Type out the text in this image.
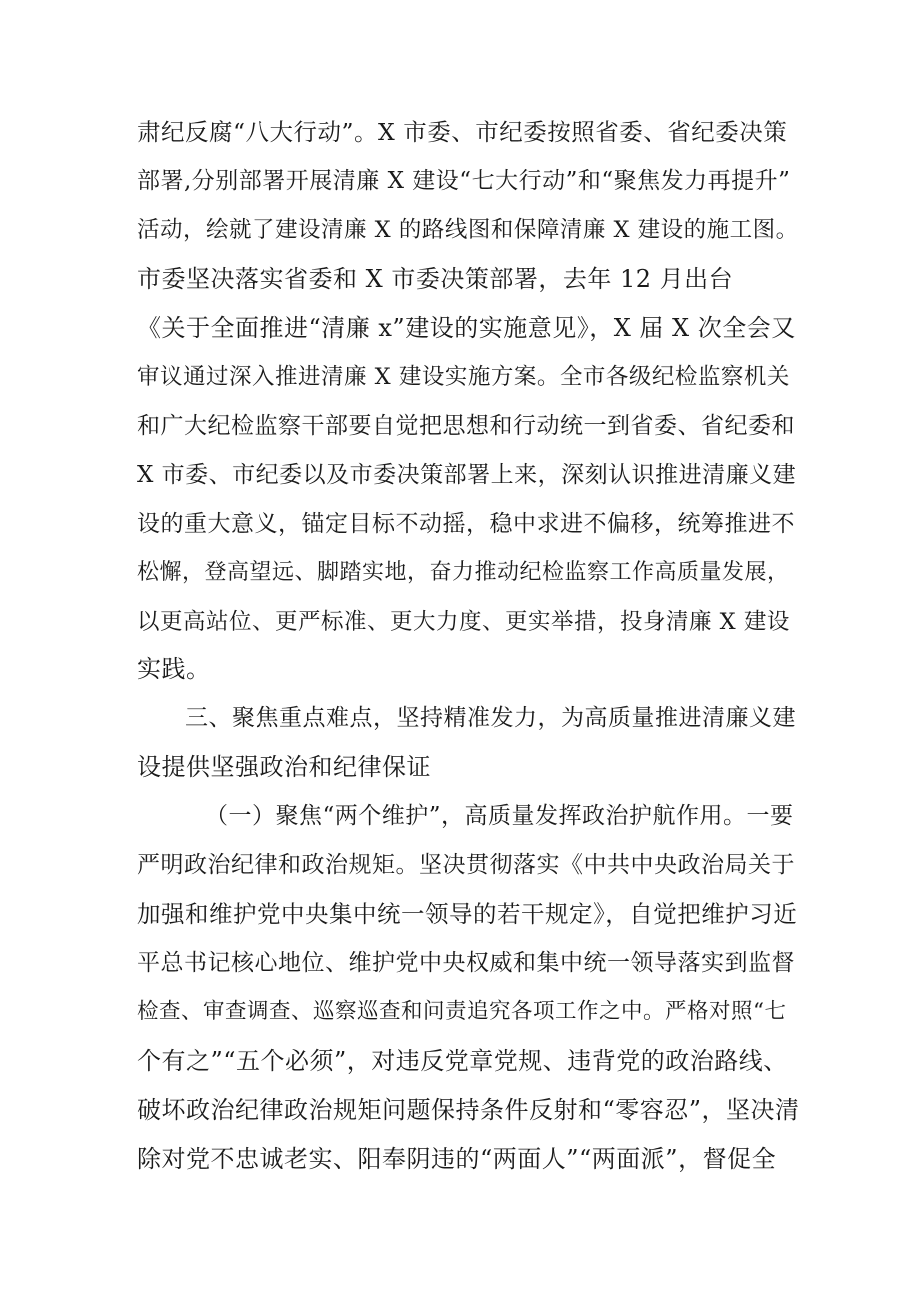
肃纪反腐“八大行动”。X 市委、市纪委按照省委、省纪委决策
部署,分别部署开展清廉 X 建设“七大行动”和“聚焦发力再提升”
活动，绘就了建设清廉 X 的路线图和保障清廉 X 建设的施工图。
市委坚决落实省委和 X 市委决策部署，去年 12 月出台
《关于全面推进“清廉 x”建设的实施意见》，X 届 X 次全会又
审议通过深入推进清廉 X 建设实施方案。全市各级纪检监察机关
和广大纪检监察干部要自觉把思想和行动统一到省委、省纪委和
X 市委、市纪委以及市委决策部署上来，深刻认识推进清廉义建
设的重大意义，锚定目标不动摇，稳中求进不偏移，统筹推进不
松懈，登高望远、脚踏实地，奋力推动纪检监察工作高质量发展，
以更高站位、更严标准、更大力度、更实举措，投身清廉 X 建设
实践。
三、聚焦重点难点，坚持精准发力，为高质量推进清廉义建
设提供坚强政治和纪律保证
（一）聚焦“两个维护”，高质量发挥政治护航作用。一要
严明政治纪律和政治规矩。坚决贯彻落实《中共中央政治局关于
加强和维护党中央集中统一领导的若干规定》，自觉把维护习近
平总书记核心地位、维护党中央权威和集中统一领导落实到监督
检查、审查调查、巡察巡查和问责追究各项工作之中。严格对照“七
个有之”“五个必须”，对违反党章党规、违背党的政治路线、
破坏政治纪律政治规矩问题保持条件反射和“零容忍”，坚决清
除对党不忠诚老实、阳奉阴违的“两面人”“两面派”，督促全
